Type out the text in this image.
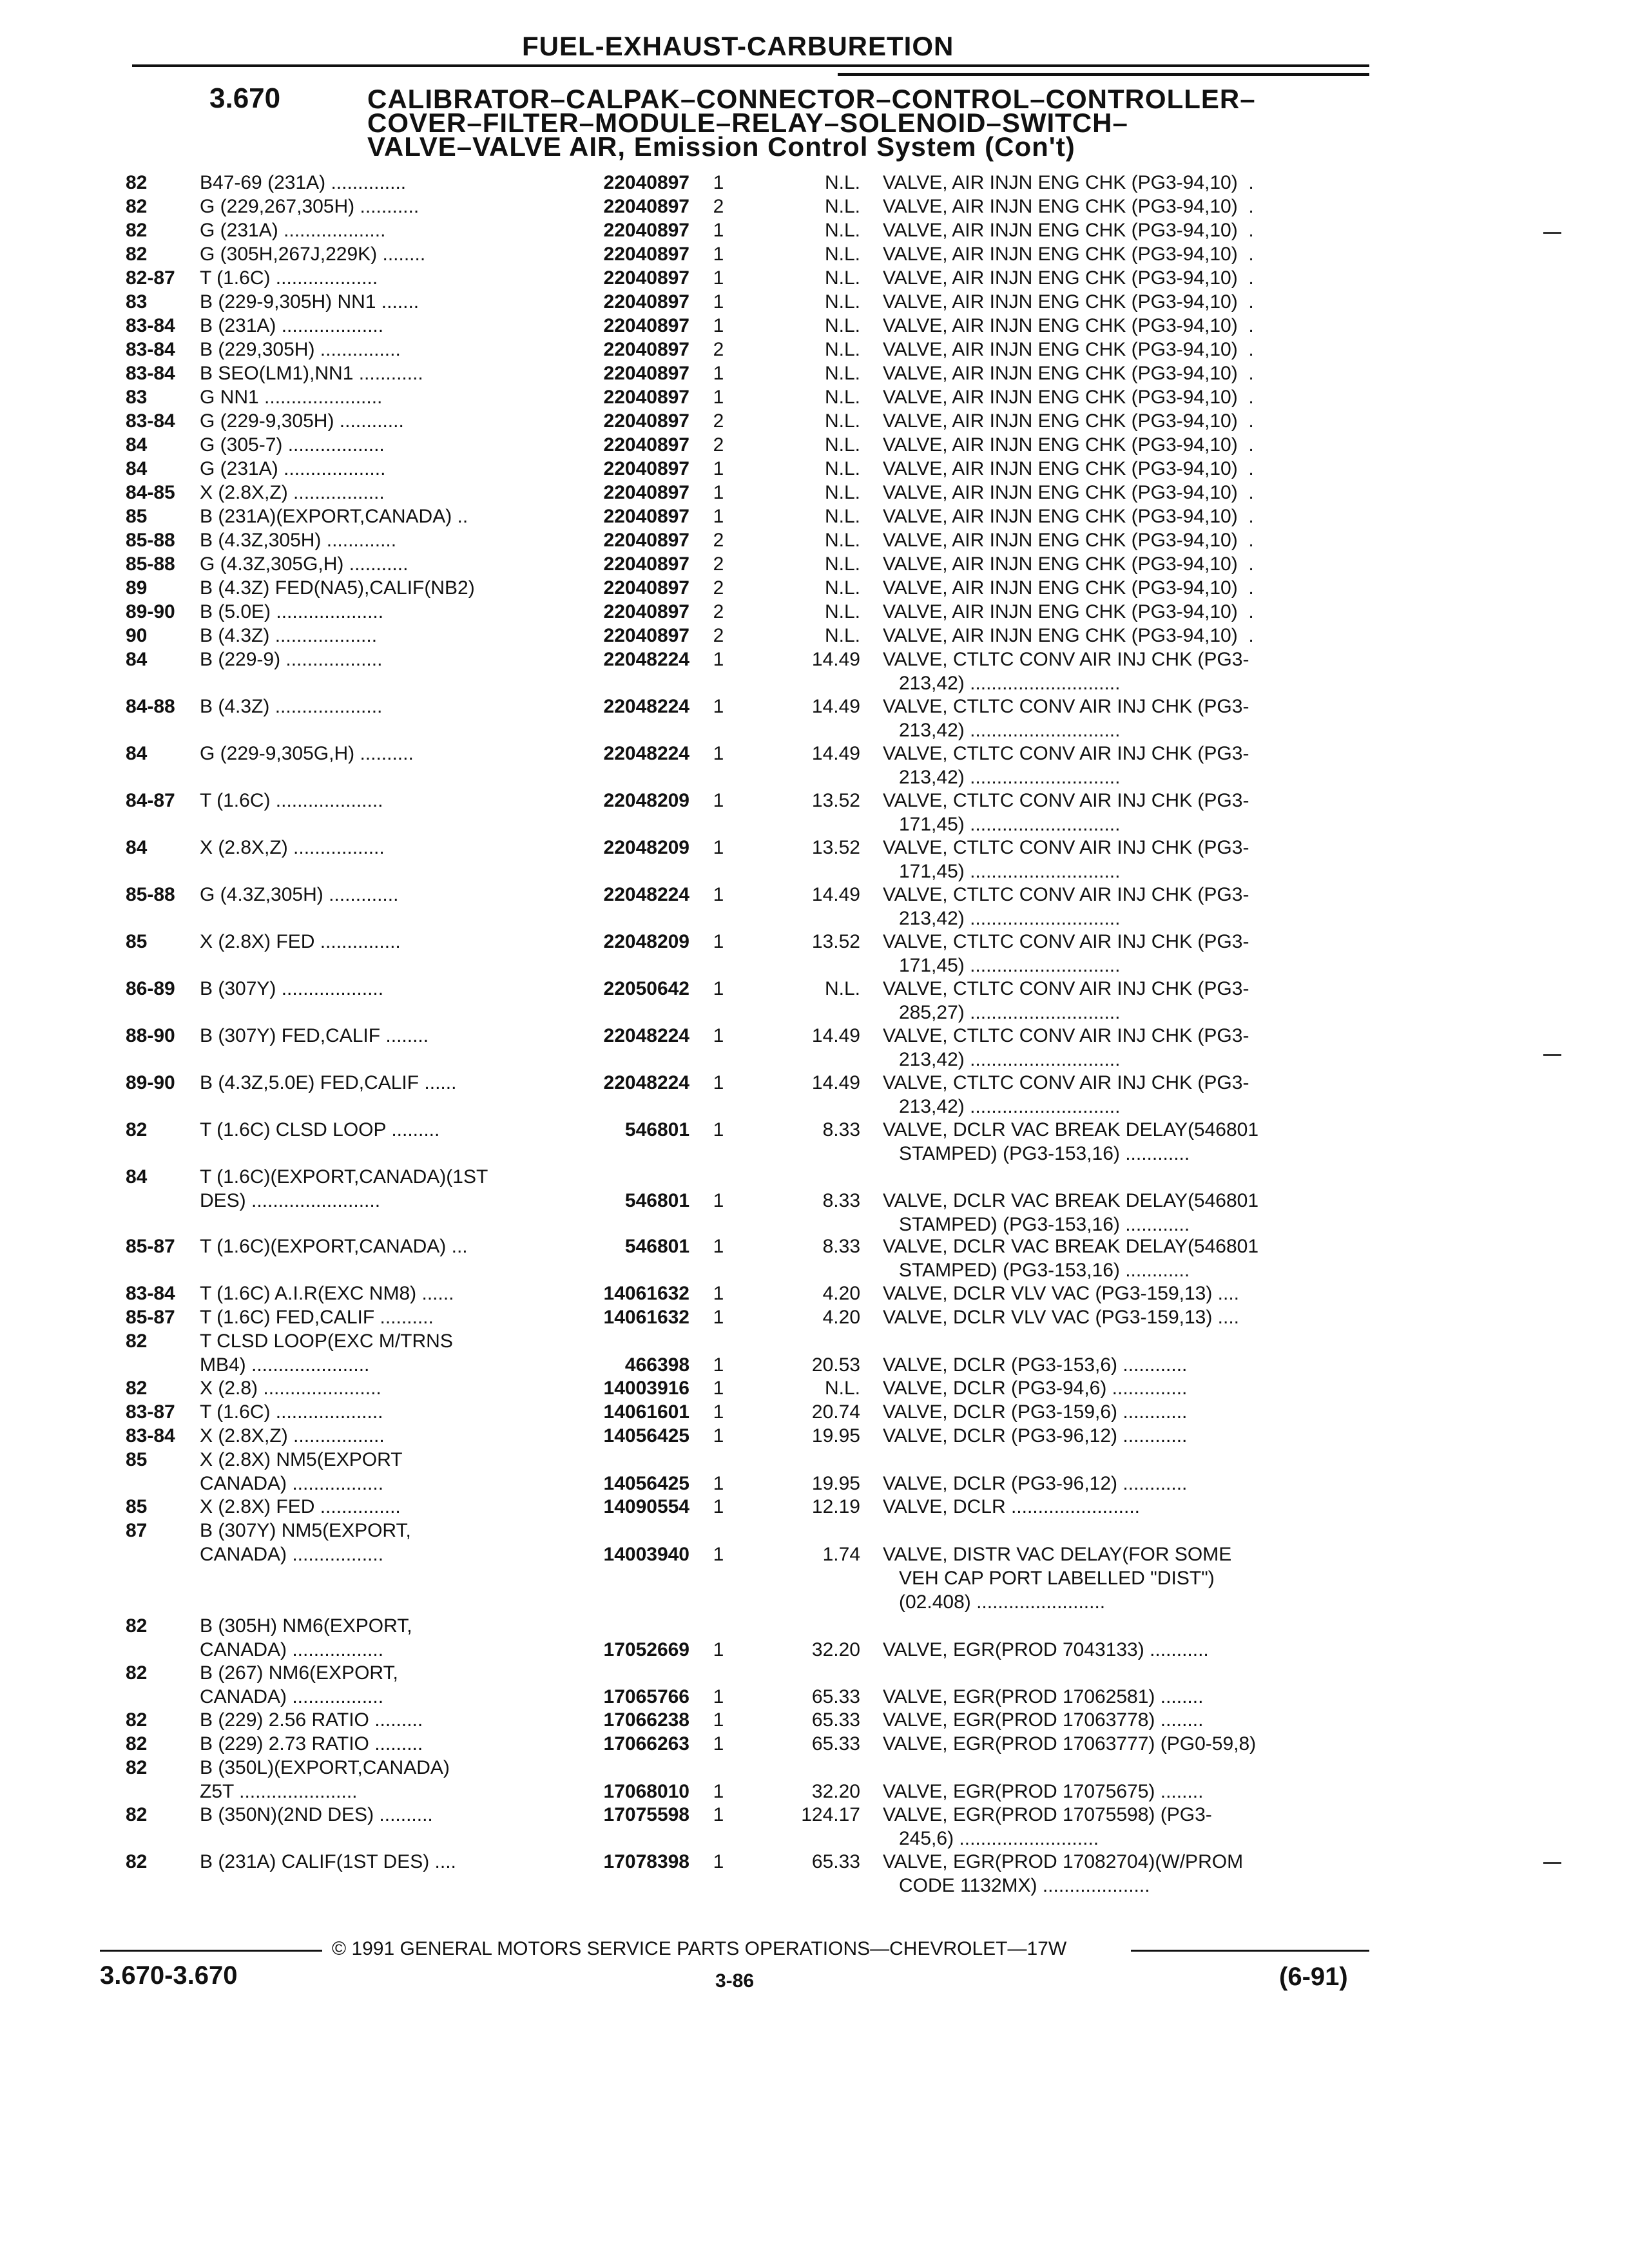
FUEL-EXHAUST-CARBURETION
3.670	CALIBRATOR–CALPAK–CONNECTOR–CONTROL–CONTROLLER–
COVER–FILTER–MODULE–RELAY–SOLENOID–SWITCH–
VALVE–VALVE AIR, Emission Control System (Con't)
82	B47-69 (231A) ..............	22040897	1	N.L. VALVE, AIR INJN ENG CHK (PG3-94,10)  .
82	G (229,267,305H) ...........	22040897	2	N.L. VALVE, AIR INJN ENG CHK (PG3-94,10)  .
82	G (231A) ...................	22040897	1	N.L. VALVE, AIR INJN ENG CHK (PG3-94,10)  .
82	G (305H,267J,229K) ........	22040897	1	N.L. VALVE, AIR INJN ENG CHK (PG3-94,10)  .
82-87	T (1.6C) ...................	22040897	1	N.L. VALVE, AIR INJN ENG CHK (PG3-94,10)  .
83	B (229-9,305H) NN1 .......	22040897	1	N.L. VALVE, AIR INJN ENG CHK (PG3-94,10)  .
83-84	B (231A) ...................	22040897	1	N.L. VALVE, AIR INJN ENG CHK (PG3-94,10)  .
83-84	B (229,305H) ...............	22040897	2	N.L. VALVE, AIR INJN ENG CHK (PG3-94,10)  .
83-84	B SEO(LM1),NN1 ............	22040897	1	N.L. VALVE, AIR INJN ENG CHK (PG3-94,10)  .
83	G NN1 ......................	22040897	1	N.L. VALVE, AIR INJN ENG CHK (PG3-94,10)  .
83-84	G (229-9,305H) ............	22040897	2	N.L. VALVE, AIR INJN ENG CHK (PG3-94,10)  .
84	G (305-7) ..................	22040897	2	N.L. VALVE, AIR INJN ENG CHK (PG3-94,10)  .
84	G (231A) ...................	22040897	1	N.L. VALVE, AIR INJN ENG CHK (PG3-94,10)  .
84-85	X (2.8X,Z) .................	22040897	1	N.L. VALVE, AIR INJN ENG CHK (PG3-94,10)  .
85	B (231A)(EXPORT,CANADA) ..	22040897	1	N.L. VALVE, AIR INJN ENG CHK (PG3-94,10)  .
85-88	B (4.3Z,305H) .............	22040897	2	N.L. VALVE, AIR INJN ENG CHK (PG3-94,10)  .
85-88	G (4.3Z,305G,H) ...........	22040897	2	N.L. VALVE, AIR INJN ENG CHK (PG3-94,10)  .
89	B (4.3Z) FED(NA5),CALIF(NB2)	22040897	2	N.L. VALVE, AIR INJN ENG CHK (PG3-94,10)  .
89-90	B (5.0E) ....................	22040897	2	N.L. VALVE, AIR INJN ENG CHK (PG3-94,10)  .
90	B (4.3Z) ...................	22040897	2	N.L. VALVE, AIR INJN ENG CHK (PG3-94,10)  .
84	B (229-9) ..................	22048224	1	14.49 VALVE, CTLTC CONV AIR INJ CHK (PG3-
213,42) ............................
84-88	B (4.3Z) ....................	22048224	1	14.49 VALVE, CTLTC CONV AIR INJ CHK (PG3-
213,42) ............................
84	G (229-9,305G,H) ..........	22048224	1	14.49 VALVE, CTLTC CONV AIR INJ CHK (PG3-
213,42) ............................
84-87	T (1.6C) ....................	22048209	1	13.52 VALVE, CTLTC CONV AIR INJ CHK (PG3-
171,45) ............................
84	X (2.8X,Z) .................	22048209	1	13.52 VALVE, CTLTC CONV AIR INJ CHK (PG3-
171,45) ............................
85-88	G (4.3Z,305H) .............	22048224	1	14.49 VALVE, CTLTC CONV AIR INJ CHK (PG3-
213,42) ............................
85	X (2.8X) FED ...............	22048209	1	13.52 VALVE, CTLTC CONV AIR INJ CHK (PG3-
171,45) ............................
86-89	B (307Y) ...................	22050642	1	N.L. VALVE, CTLTC CONV AIR INJ CHK (PG3-
285,27) ............................
88-90	B (307Y) FED,CALIF ........	22048224	1	14.49 VALVE, CTLTC CONV AIR INJ CHK (PG3-
213,42) ............................
89-90	B (4.3Z,5.0E) FED,CALIF ......	22048224	1	14.49 VALVE, CTLTC CONV AIR INJ CHK (PG3-
213,42) ............................
82	T (1.6C) CLSD LOOP .........	546801	1	8.33 VALVE, DCLR VAC BREAK DELAY(546801
STAMPED) (PG3-153,16) ............
84	T (1.6C)(EXPORT,CANADA)(1ST
DES) ........................	546801	1	8.33 VALVE, DCLR VAC BREAK DELAY(546801
STAMPED) (PG3-153,16) ............
85-87	T (1.6C)(EXPORT,CANADA) ...	546801	1	8.33 VALVE, DCLR VAC BREAK DELAY(546801
STAMPED) (PG3-153,16) ............
83-84	T (1.6C) A.I.R(EXC NM8) ......	14061632	1	4.20 VALVE, DCLR VLV VAC (PG3-159,13) ....
85-87	T (1.6C) FED,CALIF ..........	14061632	1	4.20 VALVE, DCLR VLV VAC (PG3-159,13) ....
82	T CLSD LOOP(EXC M/TRNS
MB4) ......................	466398	1	20.53 VALVE, DCLR (PG3-153,6) ............
82	X (2.8) ......................	14003916	1	N.L. VALVE, DCLR (PG3-94,6) ..............
83-87	T (1.6C) ....................	14061601	1	20.74 VALVE, DCLR (PG3-159,6) ............
83-84	X (2.8X,Z) .................	14056425	1	19.95 VALVE, DCLR (PG3-96,12) ............
85	X (2.8X) NM5(EXPORT
CANADA) .................	14056425	1	19.95 VALVE, DCLR (PG3-96,12) ............
85	X (2.8X) FED ...............	14090554	1	12.19 VALVE, DCLR ........................
87	B (307Y) NM5(EXPORT,
CANADA) .................	14003940	1	1.74 VALVE, DISTR VAC DELAY(FOR SOME
VEH CAP PORT LABELLED "DIST")
(02.408) ........................
82	B (305H) NM6(EXPORT,
CANADA) .................	17052669	1	32.20 VALVE, EGR(PROD 7043133) ...........
82	B (267) NM6(EXPORT,
CANADA) .................	17065766	1	65.33 VALVE, EGR(PROD 17062581) ........
82	B (229) 2.56 RATIO .........	17066238	1	65.33 VALVE, EGR(PROD 17063778) ........
82	B (229) 2.73 RATIO .........	17066263	1	65.33 VALVE, EGR(PROD 17063777) (PG0-59,8)
82	B (350L)(EXPORT,CANADA)
Z5T ......................	17068010	1	32.20 VALVE, EGR(PROD 17075675) ........
82	B (350N)(2ND DES) ..........	17075598	1	124.17 VALVE, EGR(PROD 17075598) (PG3-
245,6) ..........................
82	B (231A) CALIF(1ST DES) ....	17078398	1	65.33 VALVE, EGR(PROD 17082704)(W/PROM
CODE 1132MX) ....................
© 1991 GENERAL MOTORS SERVICE PARTS OPERATIONS—CHEVROLET—17W
3.670-3.670	3-86	(6-91)
